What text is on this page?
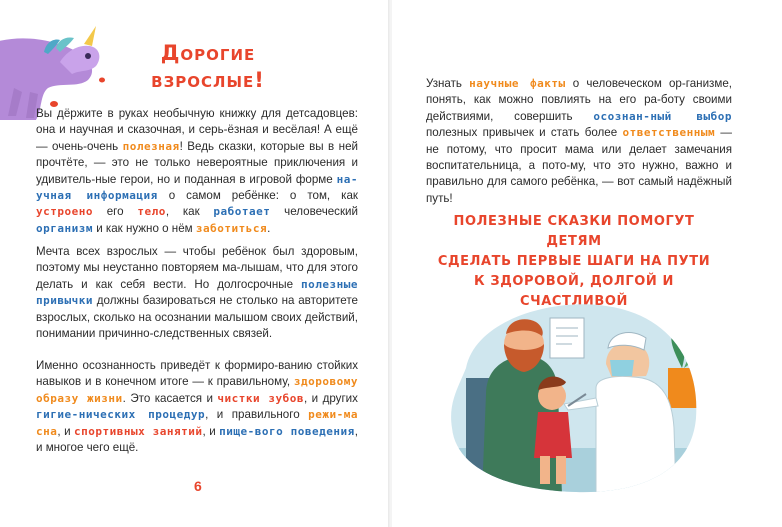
Дорогие
взрослые!

Вы дёржите в руках необычную книжку для детсадовцев: она и научная и сказочная, и серь-ёзная и весёлая! А ещё — очень-очень полезная! Ведь сказки, которые вы в ней прочтёте, — это не только невероятные приключения и удивитель-ные герои, но и поданная в игровой форме на-учная информация о самом ребёнке: о том, как устроено его тело, как работает человеческий организм и как нужно о нём заботиться.

Мечта всех взрослых — чтобы ребёнок был здоровым, поэтому мы неустанно повторяем ма-лышам, что для этого делать и как себя вести. Но долгосрочные полезные привычки должны базироваться не столько на авторитете взрослых, сколько на осознании малышом своих действий, понимании причинно-следственных связей.

Именно осознанность приведёт к формиро-ванию стойких навыков и в конечном итоге — к правильному, здоровому образу жизни. Это касается и чистки зубов, и других гигие-нических процедур, и правильного режи-ма сна, и спортивных занятий, и пище-вого поведения, и многое чего ещё.

6

Узнать научные факты о человеческом ор-ганизме, понять, как можно повлиять на его ра-боту своими действиями, совершить осознан-ный выбор полезных привычек и стать более ответственным — не потому, что просит мама или делает замечания воспитательница, а пото-му, что это нужно, важно и правильно для самого ребёнка, — вот самый надёжный путь!

ПОЛЕЗНЫЕ СКАЗКИ ПОМОГУТ ДЕТЯМ
СДЕЛАТЬ ПЕРВЫЕ ШАГИ НА ПУТИ
К ЗДОРОВОЙ, ДОЛГОЙ И СЧАСТЛИВОЙ
